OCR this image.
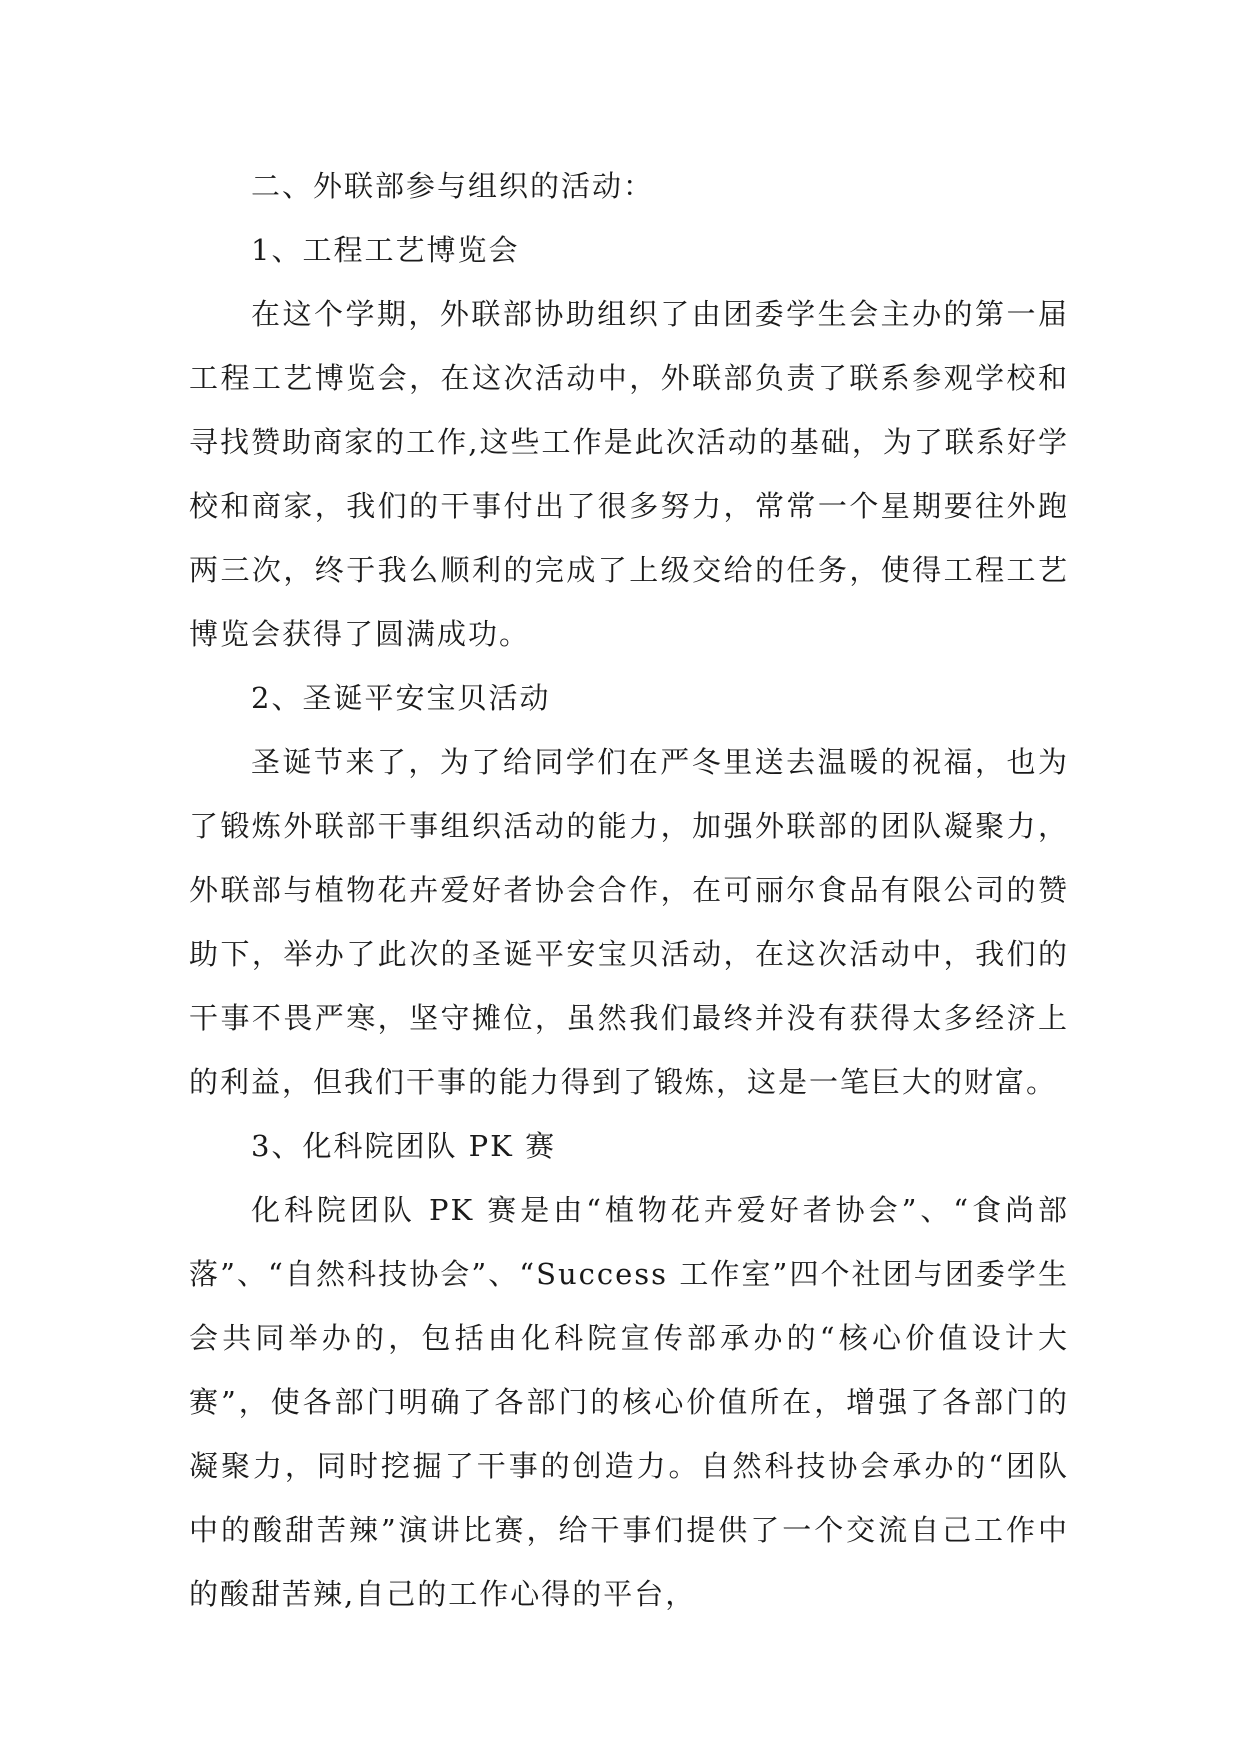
二、外联部参与组织的活动：

1、工程工艺博览会

在这个学期，外联部协助组织了由团委学生会主办的第一届工程工艺博览会，在这次活动中，外联部负责了联系参观学校和寻找赞助商家的工作,这些工作是此次活动的基础，为了联系好学校和商家，我们的干事付出了很多努力，常常一个星期要往外跑两三次，终于我么顺利的完成了上级交给的任务，使得工程工艺博览会获得了圆满成功。

2、圣诞平安宝贝活动

圣诞节来了，为了给同学们在严冬里送去温暖的祝福，也为了锻炼外联部干事组织活动的能力，加强外联部的团队凝聚力，外联部与植物花卉爱好者协会合作，在可丽尔食品有限公司的赞助下，举办了此次的圣诞平安宝贝活动，在这次活动中，我们的干事不畏严寒，坚守摊位，虽然我们最终并没有获得太多经济上的利益，但我们干事的能力得到了锻炼，这是一笔巨大的财富。

3、化科院团队 PK 赛

化科院团队 PK 赛是由“植物花卉爱好者协会”、“食尚部落”、“自然科技协会”、“Success 工作室”四个社团与团委学生会共同举办的，包括由化科院宣传部承办的“核心价值设计大赛”，使各部门明确了各部门的核心价值所在，增强了各部门的凝聚力，同时挖掘了干事的创造力。自然科技协会承办的“团队中的酸甜苦辣”演讲比赛，给干事们提供了一个交流自己工作中的酸甜苦辣,自己的工作心得的平台，
